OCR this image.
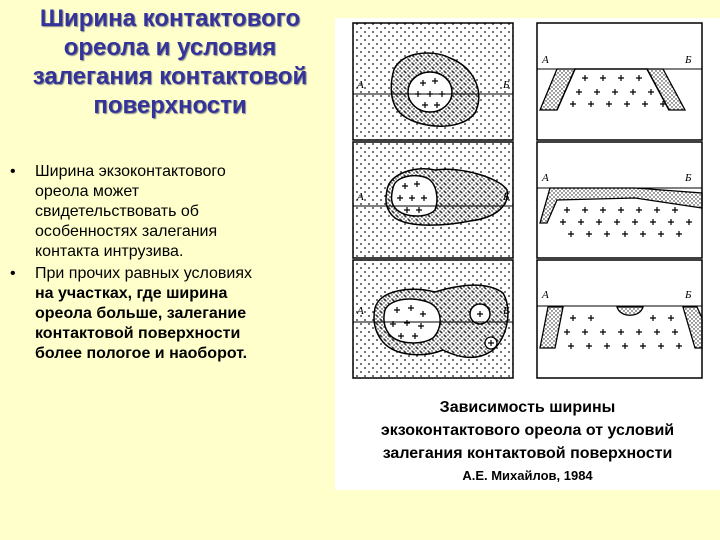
Ширина контактового
ореола и условия
залегания контактовой
поверхности
• Ширина экзоконтактового
ореола может
свидетельствовать об
особенностях залегания
контакта интрузива.
• При прочих равных условиях
на участках, где ширина
ореола больше, залегание
контактовой поверхности
более пологое и наоборот.
А	Б
А	Б
А	Б
А	Б
А	Б
А	Б
Зависимость ширины
экзоконтактового ореола от условий
залегания контактовой поверхности
А.Е. Михайлов, 1984
